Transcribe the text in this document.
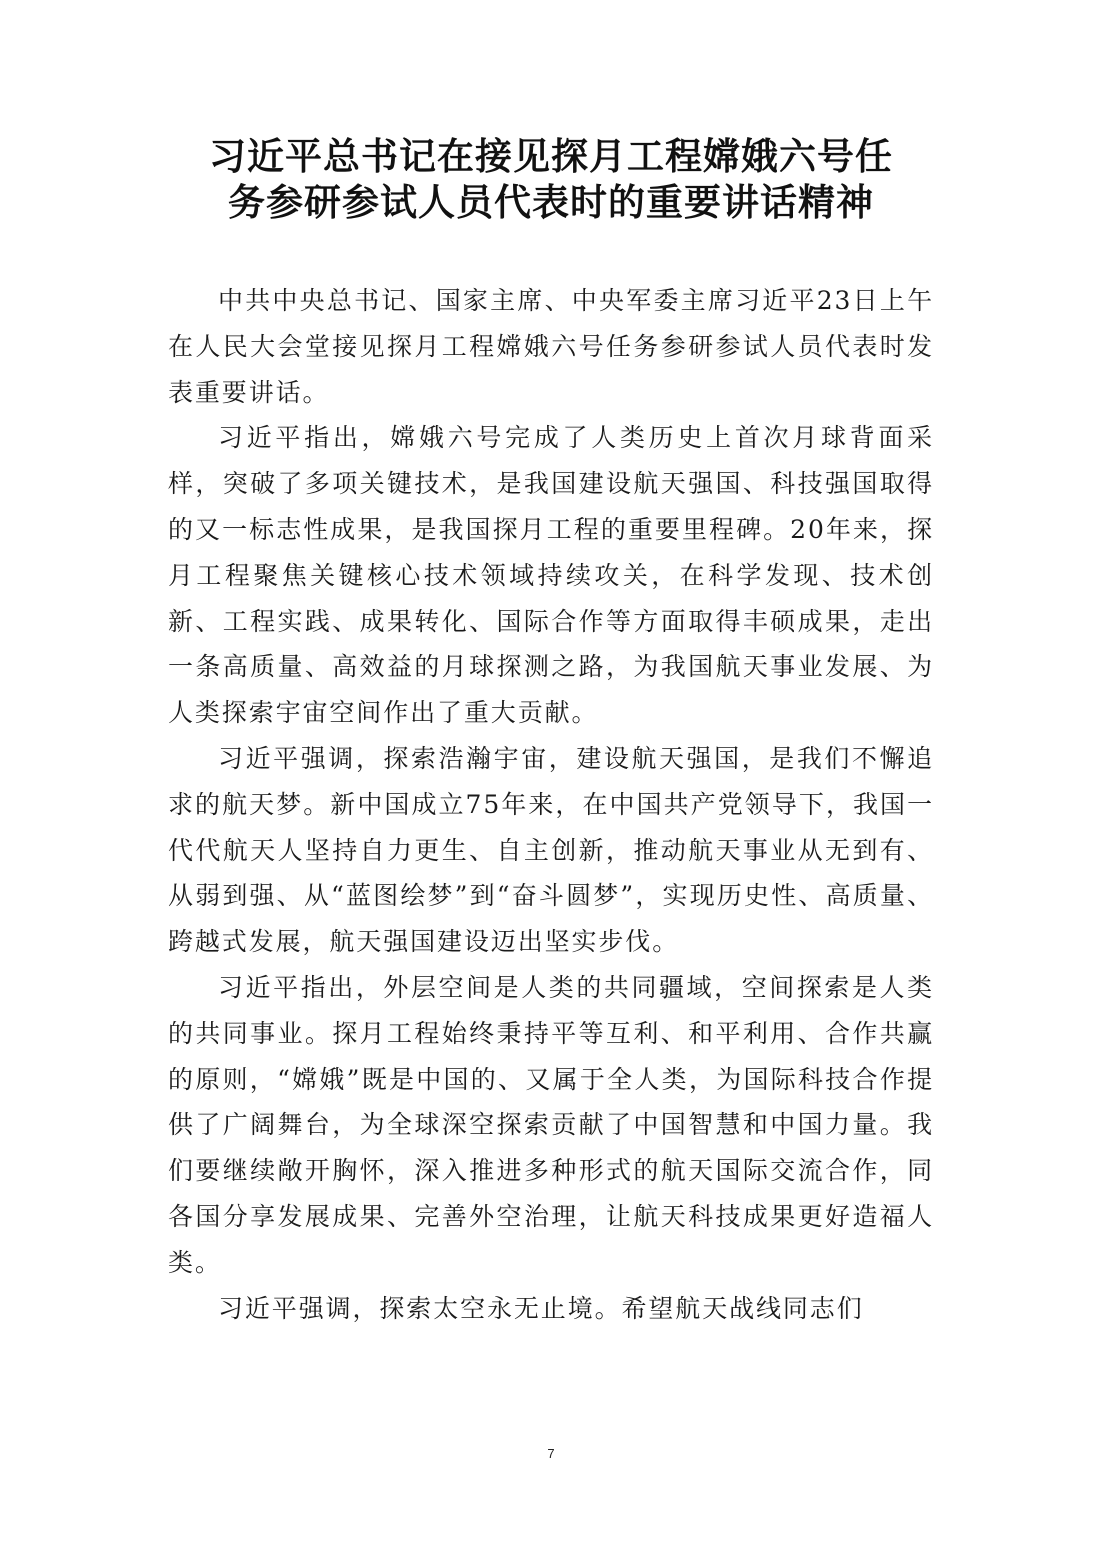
习近平总书记在接见探月工程嫦娥六号任
务参研参试人员代表时的重要讲话精神

中共中央总书记、国家主席、中央军委主席习近平23日上午在人民大会堂接见探月工程嫦娥六号任务参研参试人员代表时发表重要讲话。

习近平指出，嫦娥六号完成了人类历史上首次月球背面采样，突破了多项关键技术，是我国建设航天强国、科技强国取得的又一标志性成果，是我国探月工程的重要里程碑。20年来，探月工程聚焦关键核心技术领域持续攻关，在科学发现、技术创新、工程实践、成果转化、国际合作等方面取得丰硕成果，走出一条高质量、高效益的月球探测之路，为我国航天事业发展、为人类探索宇宙空间作出了重大贡献。

习近平强调，探索浩瀚宇宙，建设航天强国，是我们不懈追求的航天梦。新中国成立75年来，在中国共产党领导下，我国一代代航天人坚持自力更生、自主创新，推动航天事业从无到有、从弱到强、从“蓝图绘梦”到“奋斗圆梦”，实现历史性、高质量、跨越式发展，航天强国建设迈出坚实步伐。

习近平指出，外层空间是人类的共同疆域，空间探索是人类的共同事业。探月工程始终秉持平等互利、和平利用、合作共赢的原则，“嫦娥”既是中国的、又属于全人类，为国际科技合作提供了广阔舞台，为全球深空探索贡献了中国智慧和中国力量。我们要继续敞开胸怀，深入推进多种形式的航天国际交流合作，同各国分享发展成果、完善外空治理，让航天科技成果更好造福人类。

习近平强调，探索太空永无止境。希望航天战线同志们

7
